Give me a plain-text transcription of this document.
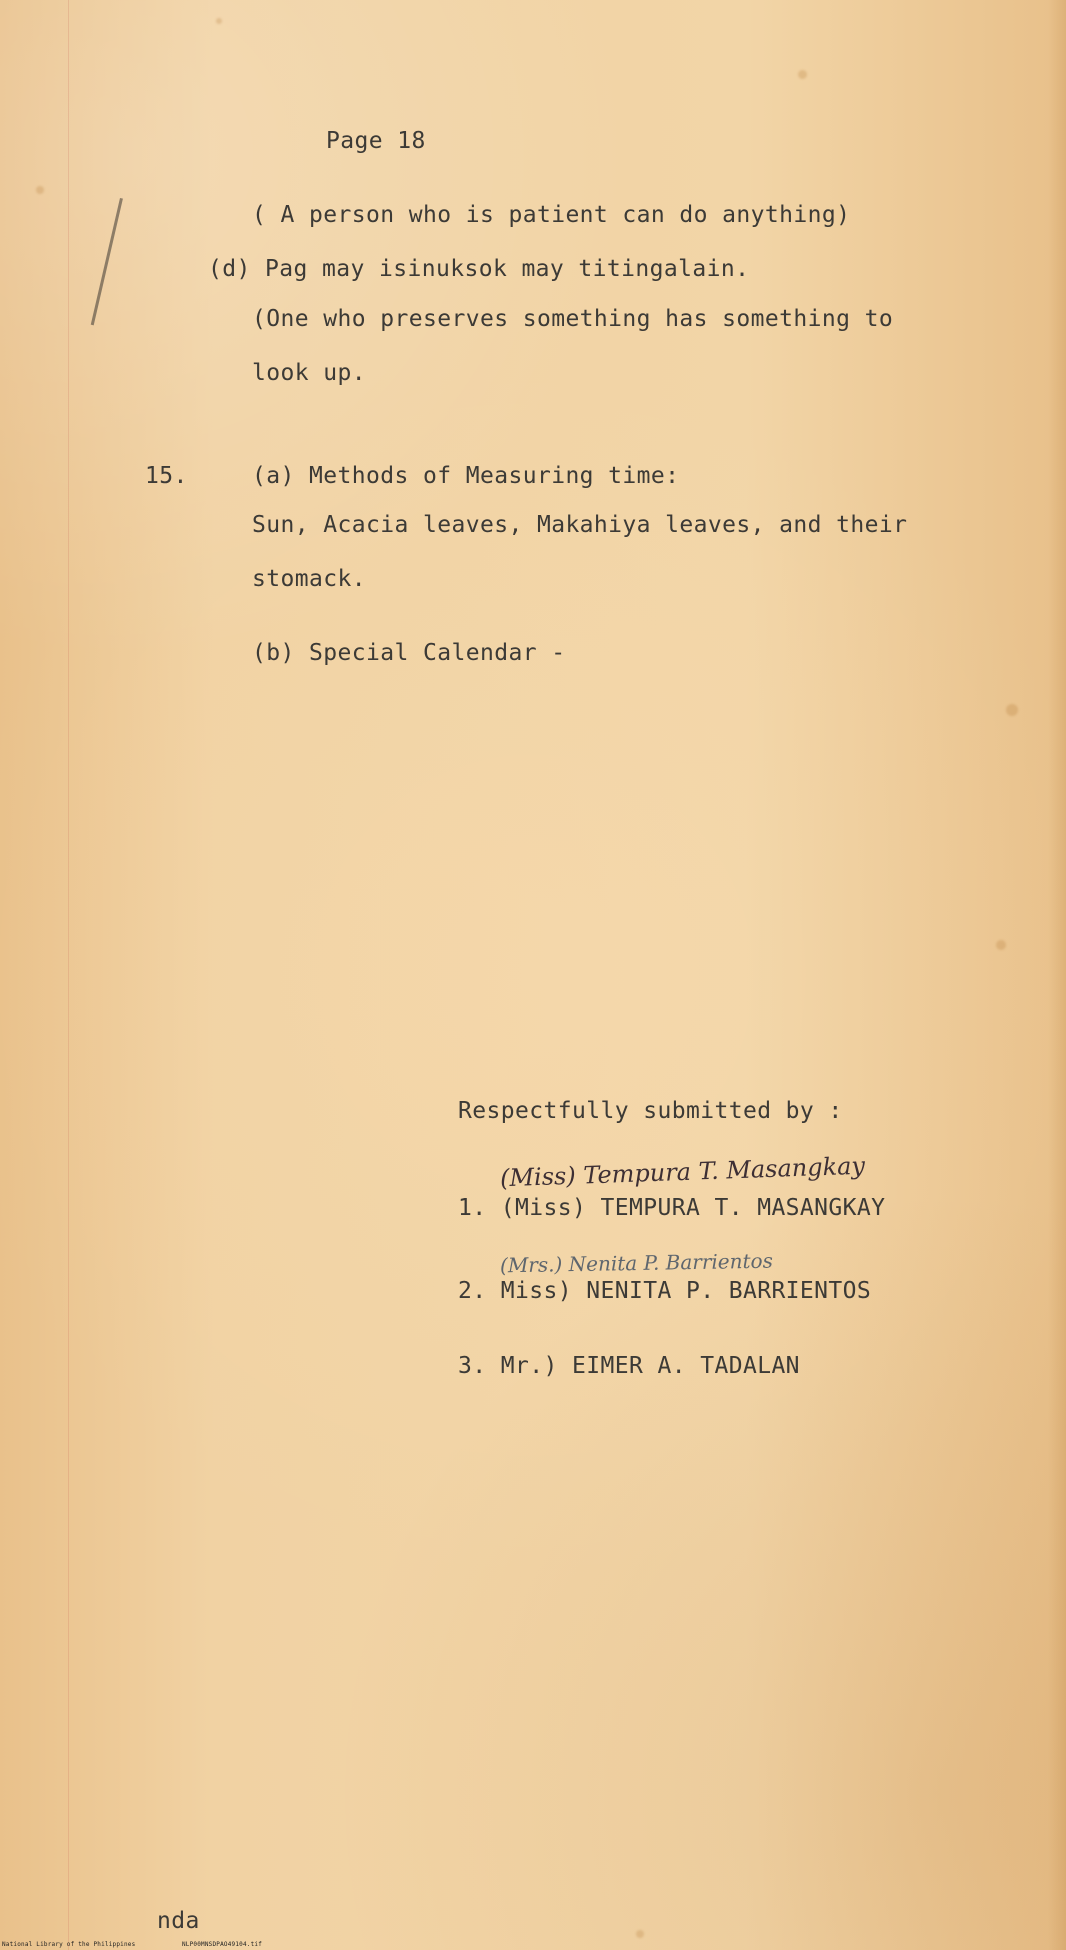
Page 18
( A person who is patient can do anything)
(d) Pag may isinuksok may titingalain.
(One who preserves something has something to
look up.
15.	(a) Methods of Measuring time:
Sun, Acacia leaves, Makahiya leaves, and their
stomack.
(b) Special Calendar -
Respectfully submitted by :
(Miss) Tempura T. Masangkay
1. (Miss) TEMPURA T. MASANGKAY
(Mrs.) Nenita P. Barrientos
2. Miss) NENITA P. BARRIENTOS
3. Mr.) EIMER A. TADALAN
nda
National Library of the Philippines	NLP00MNSDPAO49104.tif
